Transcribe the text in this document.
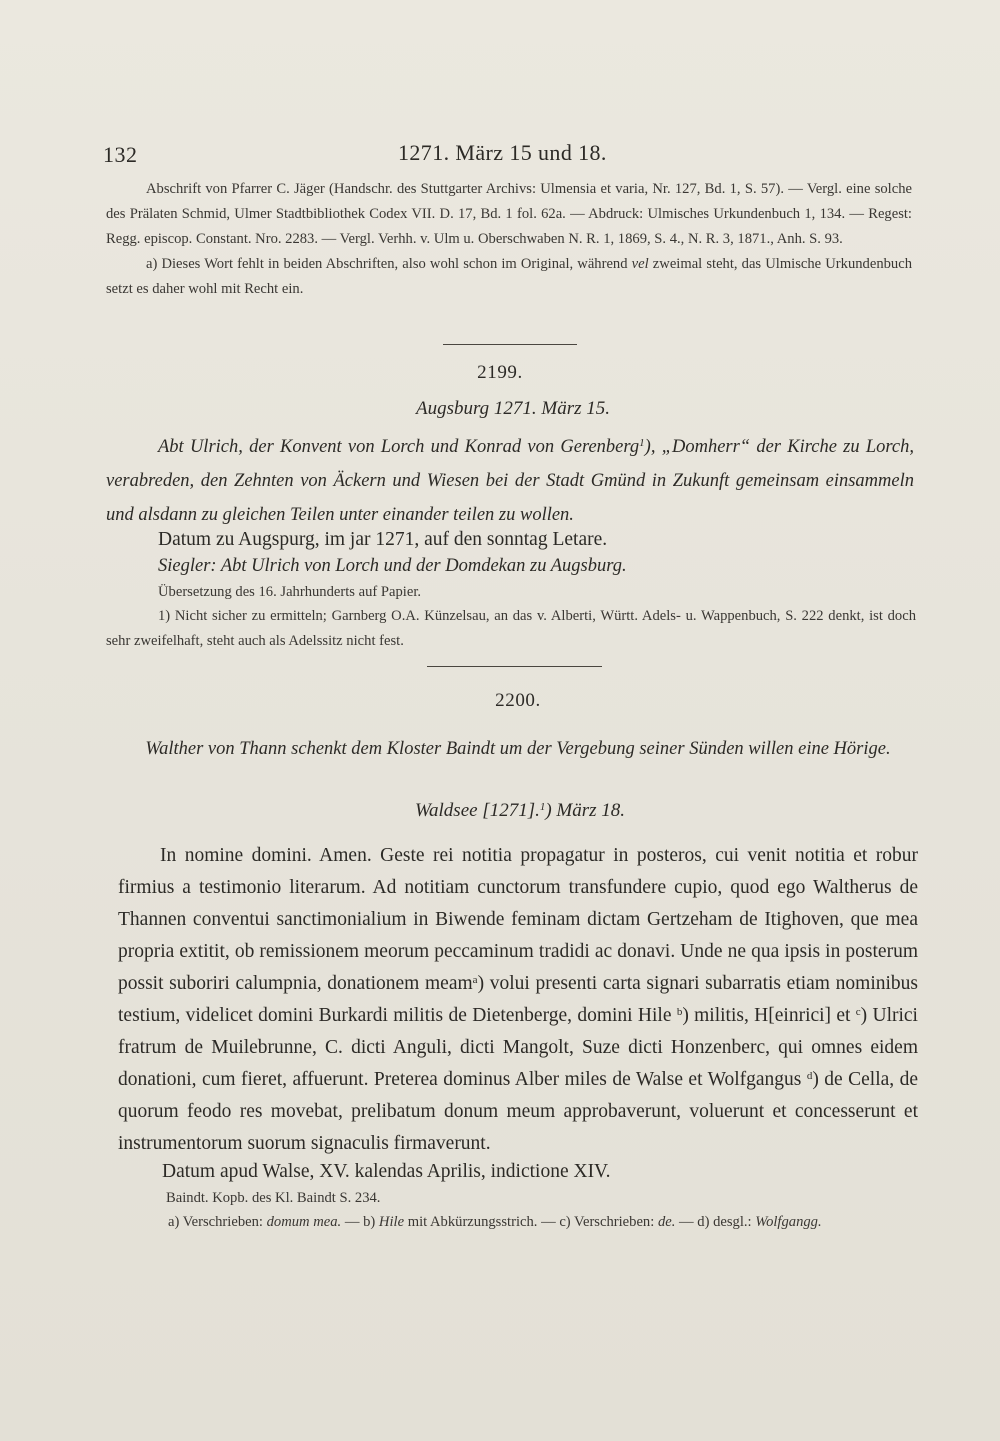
132	1271. März 15 und 18.

Abschrift von Pfarrer C. Jäger (Handschr. des Stuttgarter Archivs: Ulmensia et varia, Nr. 127, Bd. 1, S. 57). — Vergl. eine solche des Prälaten Schmid, Ulmer Stadtbibliothek Codex VII. D. 17, Bd. 1 fol. 62a. — Abdruck: Ulmisches Urkundenbuch 1, 134. — Regest: Regg. episcop. Constant. Nro. 2283. — Vergl. Verhh. v. Ulm u. Oberschwaben N. R. 1, 1869, S. 4., N. R. 3, 1871., Anh. S. 93.

a) Dieses Wort fehlt in beiden Abschriften, also wohl schon im Original, während vel zweimal steht, das Ulmische Urkundenbuch setzt es daher wohl mit Recht ein.

2199.
Augsburg 1271. März 15.
Abt Ulrich, der Konvent von Lorch und Konrad von Gerenberg$^1$), „Domherr“ der Kirche zu Lorch, verabreden, den Zehnten von Äckern und Wiesen bei der Stadt Gmünd in Zukunft gemeinsam einsammeln und alsdann zu gleichen Teilen unter einander teilen zu wollen.
Datum zu Augspurg, im jar 1271, auf den sonntag Letare.
Siegler: Abt Ulrich von Lorch und der Domdekan zu Augsburg.
Übersetzung des 16. Jahrhunderts auf Papier.
1) Nicht sicher zu ermitteln; Garnberg O.A. Künzelsau, an das v. Alberti, Württ. Adels- u. Wappenbuch, S. 222 denkt, ist doch sehr zweifelhaft, steht auch als Adelssitz nicht fest.
2200.
Walther von Thann schenkt dem Kloster Baindt um der Vergebung seiner Sünden willen eine Hörige.
Waldsee [1271].$^1$) März 18.
In nomine domini. Amen. Geste rei notitia propagatur in posteros, cui venit notitia et robur firmius a testimonio literarum. Ad notitiam cunctorum transfundere cupio, quod ego Waltherus de Thannen conventui sanctimonialium in Biwende feminam dictam Gertzeham de Itighoven, que mea propria extitit, ob remissionem meorum peccaminum tradidi ac donavi. Unde ne qua ipsis in posterum possit suboriri calumpnia, donationem meam$^a$) volui presenti carta signari subarratis etiam nominibus testium, videlicet domini Burkardi militis de Dietenberge, domini Hile $^b$) militis, H[einrici] et $^c$) Ulrici fratrum de Muilebrunne, C. dicti Anguli, dicti Mangolt, Suze dicti Honzenberc, qui omnes eidem donationi, cum fieret, affuerunt. Preterea dominus Alber miles de Walse et Wolfgangus $^d$) de Cella, de quorum feodo res movebat, prelibatum donum meum approbaverunt, voluerunt et concesserunt et instrumentorum suorum signaculis firmaverunt.
Datum apud Walse, XV. kalendas Aprilis, indictione XIV.
Baindt. Kopb. des Kl. Baindt S. 234.
a) Verschrieben: domum mea. — b) Hile mit Abkürzungsstrich. — c) Verschrieben: de. — d) desgl.: Wolfgangg.
